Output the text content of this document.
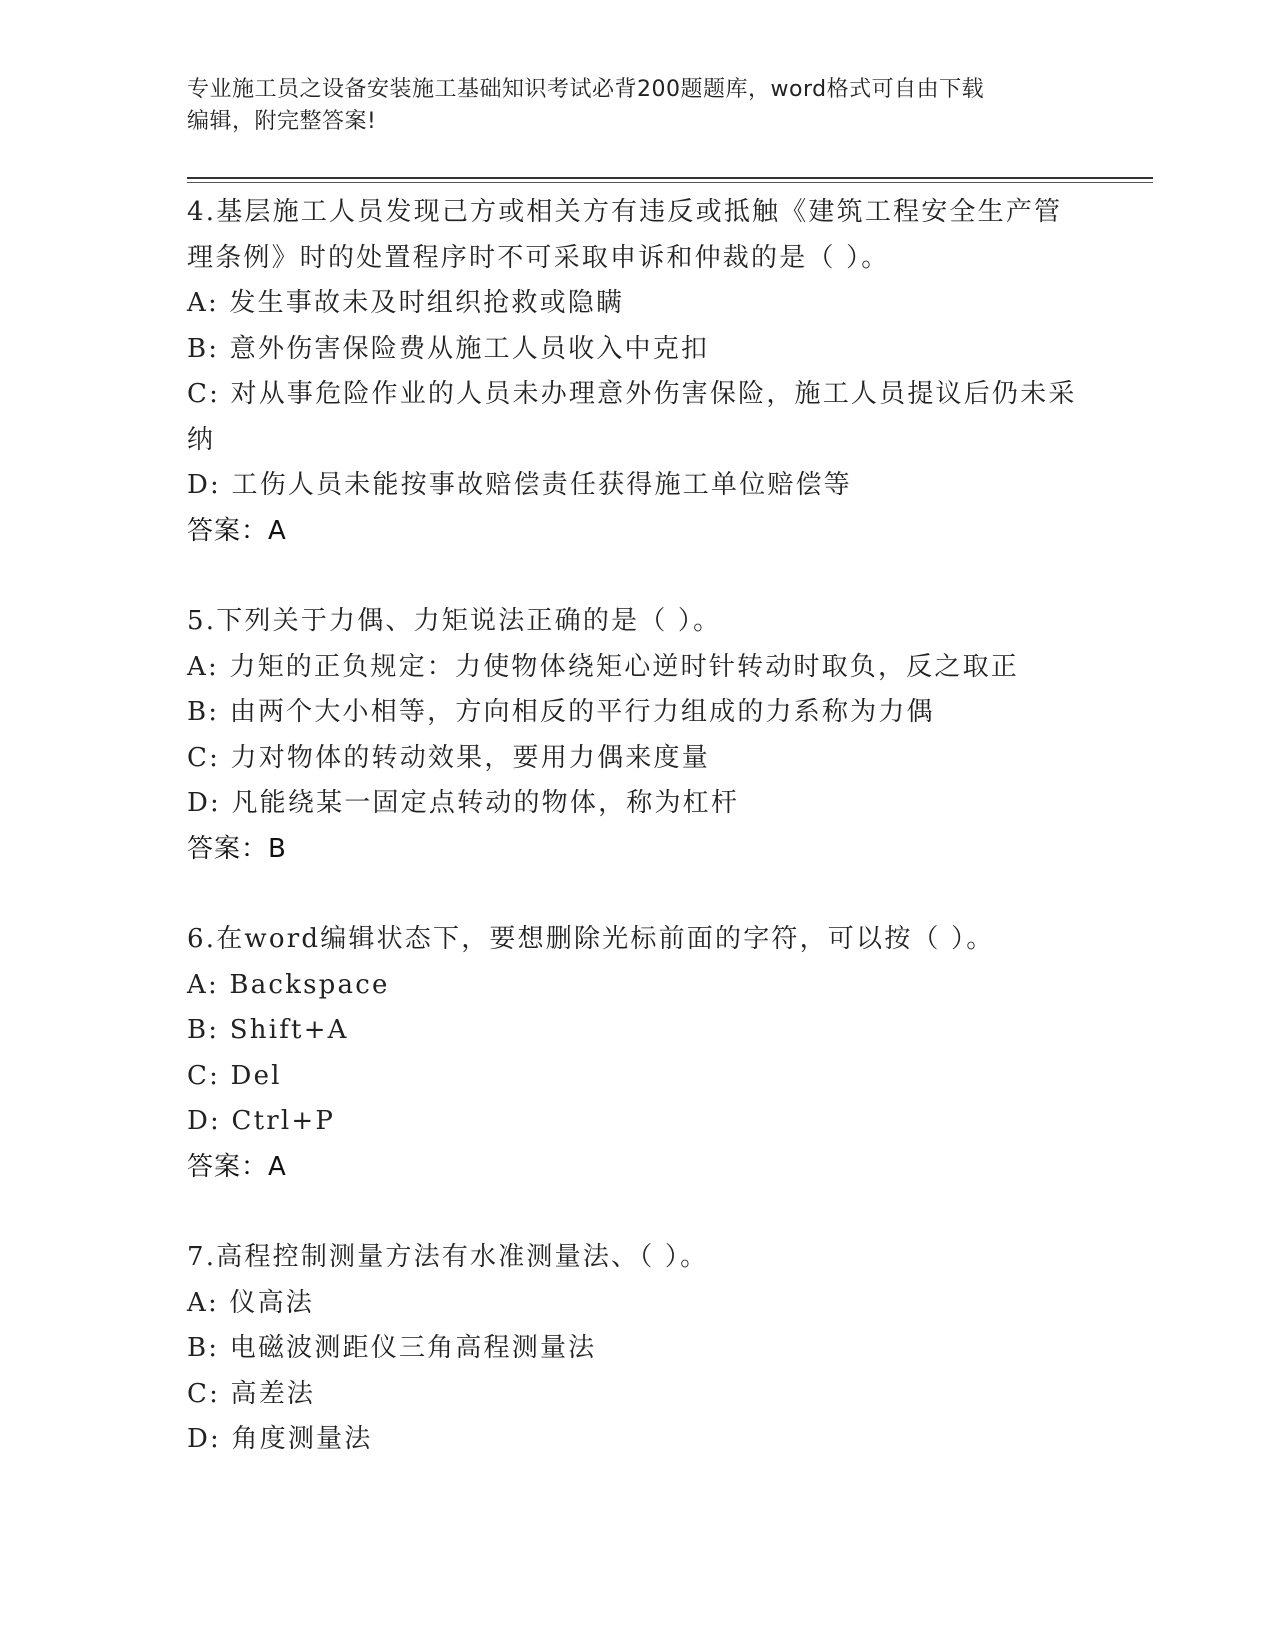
专业施工员之设备安装施工基础知识考试必背200题题库，word格式可自由下载
编辑，附完整答案!

4.基层施工人员发现己方或相关方有违反或抵触《建筑工程安全生产管理条例》时的处置程序时不可采取申诉和仲裁的是（ ）。

A: 发生事故未及时组织抢救或隐瞒

B: 意外伤害保险费从施工人员收入中克扣

C: 对从事危险作业的人员未办理意外伤害保险，施工人员提议后仍未采纳

D: 工伤人员未能按事故赔偿责任获得施工单位赔偿等

答案：A

5.下列关于力偶、力矩说法正确的是（ ）。

A: 力矩的正负规定：力使物体绕矩心逆时针转动时取负，反之取正

B: 由两个大小相等，方向相反的平行力组成的力系称为力偶

C: 力对物体的转动效果，要用力偶来度量

D: 凡能绕某一固定点转动的物体，称为杠杆

答案：B

6.在word编辑状态下，要想删除光标前面的字符，可以按（ ）。

A: Backspace

B: Shift+A

C: Del

D: Ctrl+P

答案：A

7.高程控制测量方法有水准测量法、（ ）。

A: 仪高法

B: 电磁波测距仪三角高程测量法

C: 高差法

D: 角度测量法
